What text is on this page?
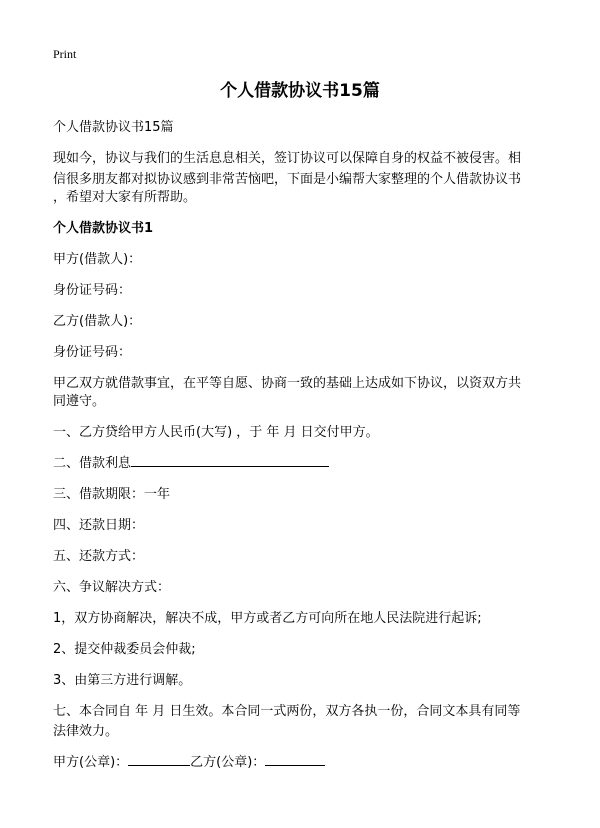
Print
个人借款协议书15篇

个人借款协议书15篇

现如今，协议与我们的生活息息相关，签订协议可以保障自身的权益不被侵害。相

信很多朋友都对拟协议感到非常苦恼吧，下面是小编帮大家整理的个人借款协议书

，希望对大家有所帮助。

个人借款协议书1

甲方(借款人)：

身份证号码：

乙方(借款人)：

身份证号码：

甲乙双方就借款事宜，在平等自愿、协商一致的基础上达成如下协议，以资双方共

同遵守。

一、乙方贷给甲方人民币(大写) ，于 年 月 日交付甲方。

二、借款利息

三、借款期限：一年

四、还款日期：

五、还款方式：

六、争议解决方式：

1，双方协商解决，解决不成，甲方或者乙方可向所在地人民法院进行起诉;

2、提交仲裁委员会仲裁;

3、由第三方进行调解。

七、本合同自 年 月 日生效。本合同一式两份，双方各执一份，合同文本具有同等

法律效力。

甲方(公章)：	乙方(公章)：
